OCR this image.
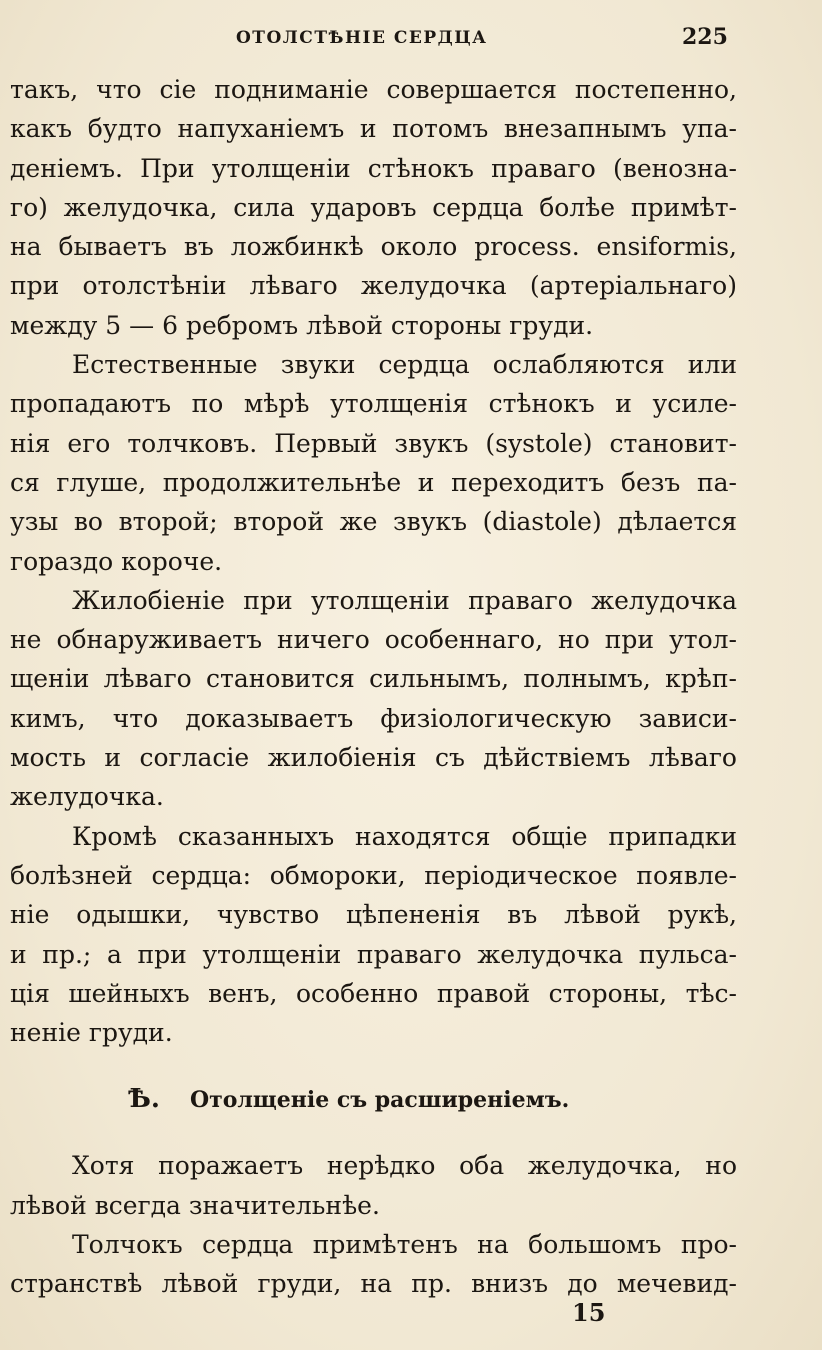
ОТОЛСТѢНIЕ СЕРДЦА	225
такъ, что сiе подниманiе совершается постепенно,
какъ будто напуханiемъ и потомъ внезапнымъ упа-
денiемъ. При утолщенiи стѣнокъ праваго (венозна-
го) желудочка, сила ударовъ сердца болѣе примѣт-
на бываетъ въ ложбинкѣ около process. ensiformis,
при отолстѣнiи лѣваго желудочка (артерiальнаго)
между 5 — 6 ребромъ лѣвой стороны груди.
Естественные звуки сердца ослабляются или
пропадаютъ по мѣрѣ утолщенiя стѣнокъ и усиле-
нiя его толчковъ. Первый звукъ (systole) становит-
ся глуше, продолжительнѣе и переходитъ безъ па-
узы во второй; второй же звукъ (diastole) дѣлается
гораздо короче.
Жилобiенiе при утолщенiи праваго желудочка
не обнаруживаетъ ничего особеннаго, но при утол-
щенiи лѣваго становится сильнымъ, полнымъ, крѣп-
кимъ, что доказываетъ физiологическую зависи-
мость и согласiе жилобiенiя съ дѣйствiемъ лѣваго
желудочка.
Кромѣ сказанныхъ находятся общiе припадки
болѣзней сердца: обмороки, перiодическое появле-
нiе одышки, чувство цѣпененiя въ лѣвой рукѣ,
и пр.; а при утолщенiи праваго желудочка пульса-
цiя шейныхъ венъ, особенно правой стороны, тѣс-
ненiе груди.
Ѣ. Отолщенiе съ расширенiемъ.
Хотя поражаетъ нерѣдко оба желудочка, но
лѣвой всегда значительнѣе.
Толчокъ сердца примѣтенъ на большомъ про-
странствѣ лѣвой груди, на пр. внизъ до мечевид-
15
